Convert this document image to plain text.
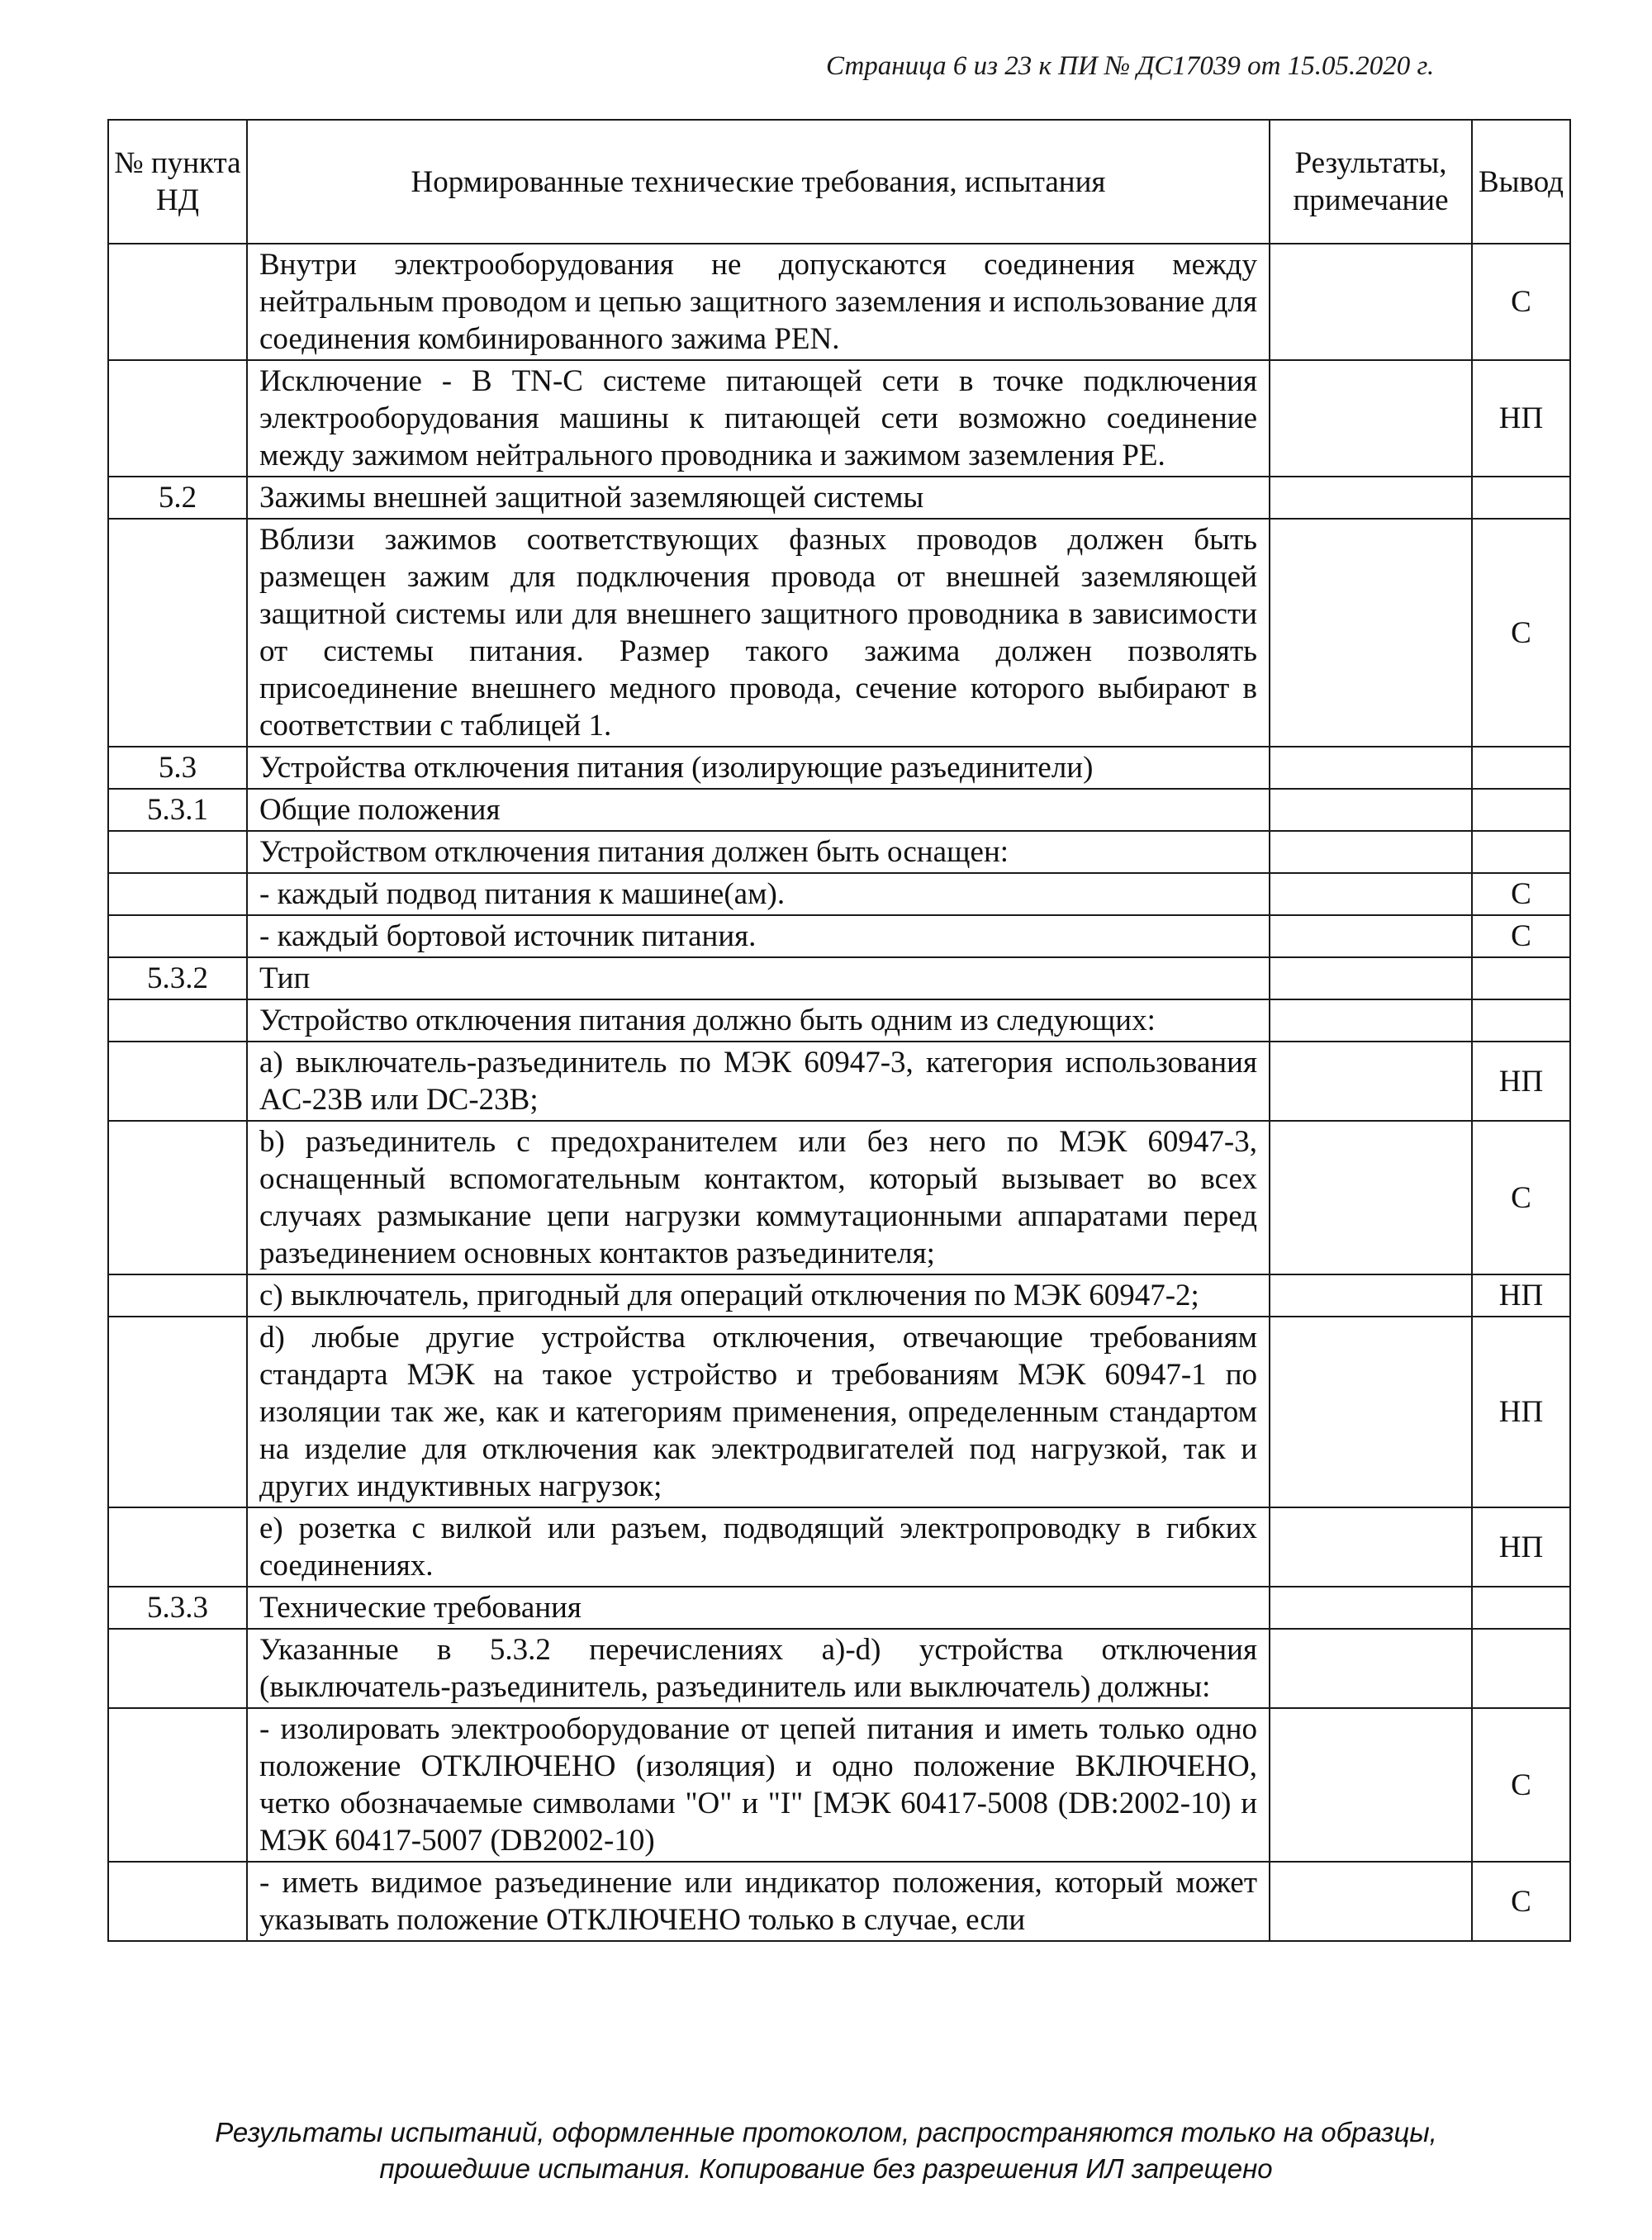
Страница 6 из 23 к ПИ № ДС17039 от 15.05.2020 г.
№ пункта НД	Нормированные технические требования, испытания	Результаты, примечание	Вывод
	Внутри электрооборудования не допускаются соединения между нейтральным проводом и цепью защитного заземления и использование для соединения комбинированного зажима PEN.		С
	Исключение - В TN-С системе питающей сети в точке подключения электрооборудования машины к питающей сети возможно соединение между зажимом нейтрального проводника и зажимом заземления PE.		НП
5.2	Зажимы внешней защитной заземляющей системы		
	Вблизи зажимов соответствующих фазных проводов должен быть размещен зажим для подключения провода от внешней заземляющей защитной системы или для внешнего защитного проводника в зависимости от системы питания. Размер такого зажима должен позволять присоединение внешнего медного провода, сечение которого выбирают в соответствии с таблицей 1.		С
5.3	Устройства отключения питания (изолирующие разъединители)		
5.3.1	Общие положения		
	Устройством отключения питания должен быть оснащен:		
	- каждый подвод питания к машине(ам).		С
	- каждый бортовой источник питания.		С
5.3.2	Тип		
	Устройство отключения питания должно быть одним из следующих:		
	а) выключатель-разъединитель по МЭК 60947-3, категория использования AC-23B или DC-23B;		НП
	b) разъединитель с предохранителем или без него по МЭК 60947-3, оснащенный вспомогательным контактом, который вызывает во всех случаях размыкание цепи нагрузки коммутационными аппаратами перед разъединением основных контактов разъединителя;		С
	c) выключатель, пригодный для операций отключения по МЭК 60947-2;		НП
	d) любые другие устройства отключения, отвечающие требованиям стандарта МЭК на такое устройство и требованиям МЭК 60947-1 по изоляции так же, как и категориям применения, определенным стандартом на изделие для отключения как электродвигателей под нагрузкой, так и других индуктивных нагрузок;		НП
	e) розетка с вилкой или разъем, подводящий электропроводку в гибких соединениях.		НП
5.3.3	Технические требования		
	Указанные в 5.3.2 перечислениях а)-d) устройства отключения (выключатель-разъединитель, разъединитель или выключатель) должны:		
	- изолировать электрооборудование от цепей питания и иметь только одно положение ОТКЛЮЧЕНО (изоляция) и одно положение ВКЛЮЧЕНО, четко обозначаемые символами "О" и "I" [МЭК 60417-5008 (DB:2002-10) и МЭК 60417-5007 (DB2002-10)		С
	- иметь видимое разъединение или индикатор положения, который может указывать положение ОТКЛЮЧЕНО только в случае, если		С
Результаты испытаний, оформленные протоколом, распространяются только на образцы,
прошедшие испытания. Копирование без разрешения ИЛ запрещено
